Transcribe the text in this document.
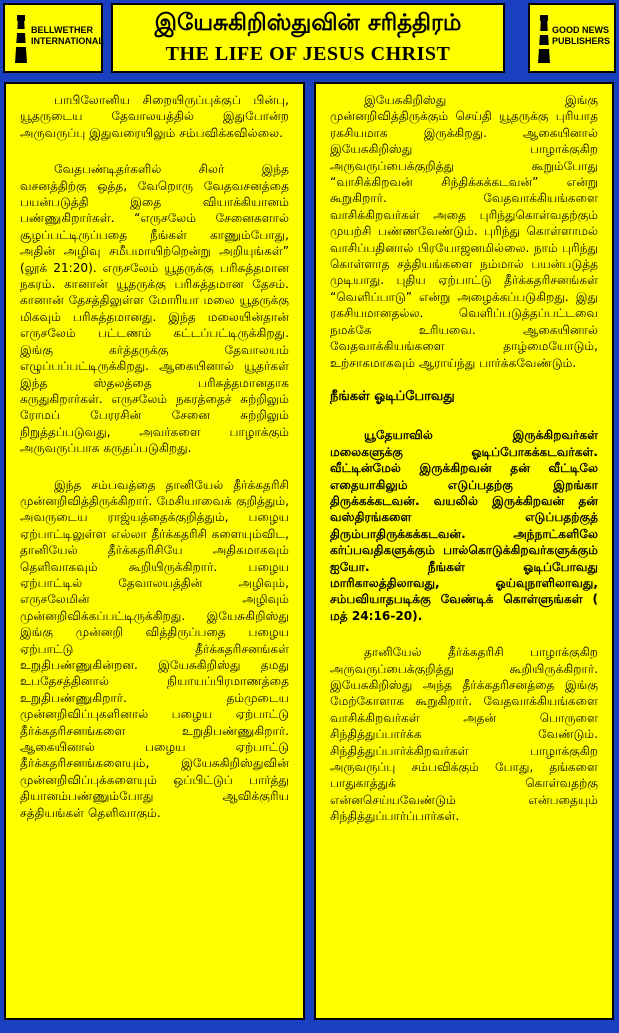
BELLWETHER
INTERNATIONAL
இயேசுகிறிஸ்துவின் சரித்திரம்
THE LIFE OF JESUS CHRIST
GOOD NEWS
PUBLISHERS

பாபிலோனிய சிறையிருப்புக்குப் பின்பு, யூதருடைய தேவாலயத்தில் இதுபோன்ற அருவருப்பு இதுவரையிலும் சம்பவிக்கவில்லை.

வேதபண்டிதர்களில் சிலர் இந்த வசனத்திற்கு ஒத்த, வேறொரு வேதவசனத்தை பயன்படுத்தி இதை வியாக்கியானம் பண்ணுகிறார்கள். “எருசலேம் சேனைகளால் சூழப்பட்டிருப்பதை நீங்கள் காணும்போது, அதின் அழிவு சமீபமாயிற்றென்று அறியுங்கள்” (லூக் 21:20). எருசலேம் யூதருக்கு பரிசுத்தமான நகரம். கானான் யூதருக்கு பரிசுத்தமான தேசம். கானான் தேசத்திலுள்ள மோரியா மலை யூதருக்கு மிகவும் பரிசுத்தமானது. இந்த மலையின்தான் எருசலேம் பட்டணம் கட்டப்பட்டிருக்கிறது. இங்கு கர்த்தருக்கு தேவாலயம் எழுப்பப்பட்டிருக்கிறது. ஆகையினால் யூதர்கள் இந்த ஸ்தலத்தை பரிசுத்தமானதாக கருதுகிறார்கள். எருசலேம் நகரத்தைச் சுற்றிலும் ரோமப் பேரரசின் சேனை சுற்றிலும் நிறுத்தப்படுவது, அவர்களை பாழாக்கும் அருவருப்பாக கருதப்படுகிறது.

இந்த சம்பவத்தை தானியேல் தீர்க்கதரிசி முன்னறிவித்திருக்கிறார். மேசியாவைக் குறித்தும், அவருடைய ராஜ்யத்தைக்குறித்தும், பழைய ஏற்பாட்டிலுள்ள எல்லா தீர்க்கதரிசி களையும்விட, தானியேல் தீர்க்கதரிசியே அதிகமாகவும் தெளிவாகவும் கூறியிருக்கிறார். பழைய ஏற்பாட்டில் தேவாலயத்தின் அழிவும், எருசலேமின் அழிவும் முன்னறிவிக்கப்பட்டிருக்கிறது. இயேசுகிறிஸ்து இங்கு முன்னறி வித்திருப்பதை பழைய ஏற்பாட்டு தீர்க்கதரிசனங்கள் உறுதிபண்ணுகின்றன. இயேசுகிறிஸ்து தமது உபதேசத்தினால் நியாயப்பிரமாணத்தை உறுதிபண்ணுகிறார். தம்முடைய முன்னறிவிப்புகளினால் பழைய ஏற்பாட்டு தீர்க்கதரிசனங்களை உறுதிபண்ணுகிறார். ஆகையினால் பழைய ஏற்பாட்டு தீர்க்கதரிசனங்களையும், இயேசுகிறிஸ்துவின் முன்னறிவிப்புக்களையும் ஒப்பிட்டுப் பார்த்து தியானம்பண்ணும்போது ஆவிக்குரிய சத்தியங்கள் தெளிவாகும்.

இயேசுகிறிஸ்து இங்கு முன்னறிவித்திருக்கும் செய்தி யூதருக்கு புரியாத ரகசியமாக இருக்கிறது. ஆகையினால் இயேசுகிறிஸ்து பாழாக்குகிற அருவருப்பைக்குறித்து கூறும்போது “வாசிக்கிறவன் சிந்திக்கக்கடவன்” என்று கூறுகிறார். வேதவாக்கியங்களை வாசிக்கிறவர்கள் அதை புரிந்துகொள்வதற்கும் முயற்சி பண்ணவேண்டும். புரிந்து கொள்ளாமல் வாசிப்பதினால் பிரயோஜனமில்லை. நாம் புரிந்து கொள்ளாத சத்தியங்களை நம்மால் பயன்படுத்த முடியாது. புதிய ஏற்பாட்டு தீர்க்கதரிசனங்கள் “வெளிப்பாடு” என்று அழைக்கப்படுகிறது. இது ரகசியமானதல்ல. வெளிப்படுத்தப்பட்டவை நமக்கே உரியவை. ஆகையினால் வேதவாக்கியங்களை தாழ்மையோடும், உற்சாகமாகவும் ஆராய்ந்து பார்க்கவேண்டும்.

நீங்கள் ஓடிப்போவது

யூதேயாவில் இருக்கிறவர்கள் மலைகளுக்கு ஓடிப்போகக்கடவர்கள். வீட்டின்மேல் இருக்கிறவன் தன் வீட்டிலே எதையாகிலும் எடுப்பதற்கு இறங்கா திருக்கக்கடவன். வயலில் இருக்கிறவன் தன் வஸ்திரங்களை எடுப்பதற்குத் திரும்பாதிருக்கக்கடவன். அந்நாட்களிலே கர்ப்பவதிகளுக்கும் பால்கொடுக்கிறவர்களுக்கும் ஐயோ. நீங்கள் ஓடிப்போவது மாரிகாலத்திலாவது, ஓய்வுநாளிலாவது, சம்பவியாதபடிக்கு வேண்டிக் கொள்ளுங்கள் ( மத் 24:16-20).

தானியேல் தீர்க்கதரிசி பாழாக்குகிற அருவருப்பைக்குறித்து கூறியிருக்கிறார். இயேசுகிறிஸ்து அந்த தீர்க்கதரிசனத்தை இங்கு மேற்கோளாக கூறுகிறார். வேதவாக்கியங்களை வாசிக்கிறவர்கள் அதன் பொருளை சிந்தித்துப்பார்க்க வேண்டும். சிந்தித்துப்பார்க்கிறவர்கள் பாழாக்குகிற அருவருப்பு சம்பவிக்கும் போது, தங்களை பாதுகாத்துக் கொள்வதற்கு என்னசெய்யவேண்டும் என்பதையும் சிந்தித்துப்பார்ப்பார்கள்.
